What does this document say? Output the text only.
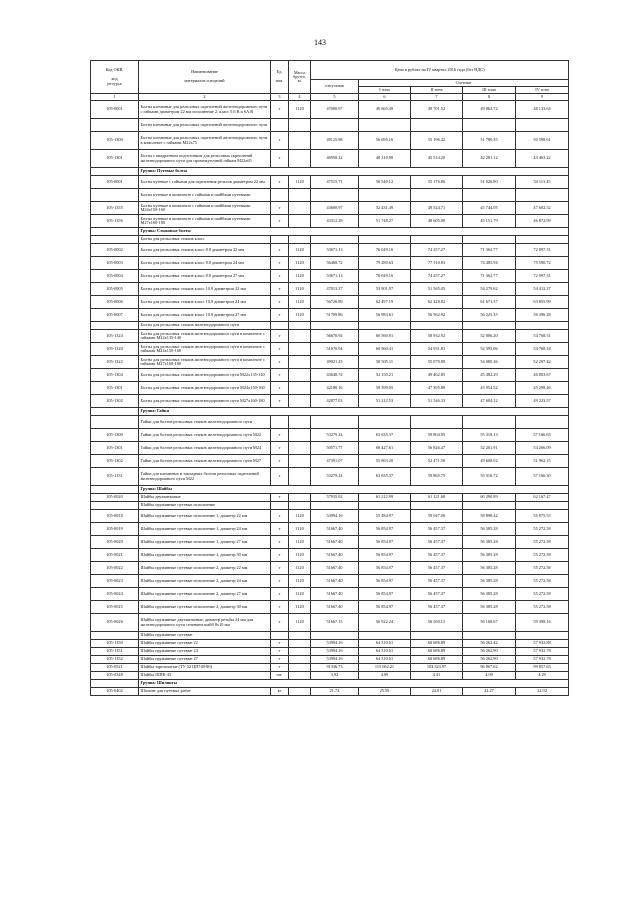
143
Код ОКВ,

код
ресурса	Наименование

материалов и изделий	Ед.

изм.	Масса
брутто,
кг	Цена в рублях на IV квартал 2016 года (без НДС)				
				отпускная	Счетные			
					I зона	II зона	III зона	IV зона
1	2	3	4	5	6	7	8	9
105-0001	Болты клеммные для рельсовых скреплений железнодорожного пути с гайками диаметром 22 мм исполнение 2, класс 5.6 В и 6А.В	т	1120	47000.97	49 665.49	49 701.52	49 862.72	48 133.64
	Болты клеммные для рельсовых скреплений железнодорожного пути							
105-1300	Болты клеммные для рельсовых скреплений железнодорожного пути в комплекте с гайками М22х75	т		49125.98	56 695.16	55 196.42	51 780.35	50 598.61
105-1301	Болты с квадратным подголовком для рельсовых скреплений железнодорожного пути для промежуточной гайкам М22х65	т		46950.32	48 310.98	45 514.20	42 281.12	43 463.22
	Группа: Путевые болты							
105-0001	Болты путевые с гайками для скрепления рельсов диаметром 22 мм	т	1120	47515.71	56 540.12	55 176.86	51 026.80	54 113.45
	Болты путевые в комплекте с гайками и шайбами путевыми							
105-1355	Болты путевые в комплекте с гайками и шайбами путевыми М24х150-160	т		43600.97	52 431.49	49 524.71	45 744.05	47 602.52
105-1356	Болты путевые в комплекте с гайками и шайбами путевыми М27х160-180	т		43312.28	51 748.27	48 605.00	45 151.79	46 872.99
	Группа: Стыковые болты							
	Болты для рельсовых стыков класс							
105-0002	Болты для рельсовых стыков класс 8.8 диаметром 22 мм	т	1120	53671.13	76 049.16	74 257.27	71 362.77	72 097.31
105-0003	Болты для рельсовых стыков класс 8.8 диаметром 24 мм	т	1120	56468.72	79 280.63	77 510.83	74 485.94	75 590.72
105-0004	Болты для рельсовых стыков класс 8.8 диаметром 27 мм	т	1120	53671.13	76 049.16	74 257.27	71 362.77	72 097.31
105-0005	Болты для рельсовых стыков класс 10.9 диаметром 22 мм	т	1120	47013.37	53 901.97	51 565.05	54 279.62	54 412.37
105-0006	Болты для рельсовых стыков класс 10.9 диаметром 24 мм	т	1120	56726.89	62 497.19	62 428.82	61 671.37	63 855.99
105-0007	Болты для рельсовых стыков класс 10.9 диаметром 27 мм	т	1120	51709.86	56 983.61	56 562.92	56 225.35	56 396.28
	Болты для рельсовых стыков железнодорожного пути							
105-1324	Болты для рельсовых стыков железнодорожного пути в комплекте с гайками М22х135-140	т		56670.94	60 560.91	58 932.92	52 806.20	54 768.51
105-1320	Болты для рельсовых стыков железнодорожного пути в комплекте с гайками М24х150-160	т		51670.94	60 560.41	54 931.83	52 395.06	54 768.18
105-1322	Болты для рельсовых стыков железнодорожного пути в комплекте с гайками М27х160-180	т		49021.25	58 505.11	55 079.88	54 080.26	52 297.42
105-1304	Болты для рельсовых стыков железнодорожного пути М22х135-140	т		43648.74	52 150.21	49 462.85	45 482.29	46 803.67
105-1301	Болты для рельсовых стыков железнодорожного пути М24х150-160	т		42180.16	50 399.05	47 395.88	43 954.52	45 298.46
105-1302	Болты для рельсовых стыков железнодорожного пути М27х160-180	т		42877.03	51 212.53	51 546.33	47 604.12	49 223.57
	Группа: Гайки							
	Гайки для болтов рельсовых стыков железнодорожного пути							
105-1300	Гайки для болтов рельсовых стыков железнодорожного пути М22	т		53279.24	63 635.37	59 804.05	55 318.13	57 166.65
105-1301	Гайки для болтов рельсовых стыков железнодорожного пути М24	т		50571.77	60 427.61	56 826.47	52 201.91	54 266.09
105-1302	Гайки для болтов рельсовых стыков железнодорожного пути М27	т		47391.07	55 863.20	52 471.50	49 608.02	51 962.15
105-1331	Гайки для клеммных и закладных болтов рельсовых скреплений железнодорожного пути М22	т		53279.24	63 635.37	59 865.75	55 316.72	57 166.30
	Группа: Шайбы							
105-0020	Шайбы двухвитковые	т		57935.02	61 212.99	61 121.68	60 290.89	62 167.47
	Шайбы пружинные путевые исполнение							
105-0018	Шайбы пружинные путевые исполнение 1, диаметр 22 мм	т	1120	53994.16	55 484.97	59 047.06	58 898.42	55 875.55
105-0019	Шайбы пружинные путевые исполнение 1, диаметр 24 мм	т	1120	51667.40	56 854.97	56 457.37	56 385.28	55 272.58
105-0020	Шайбы пружинные путевые исполнение 1, диаметр 27 мм	т	1120	51667.40	56 854.97	56 457.37	56 385.28	55 272.58
105-0021	Шайбы пружинные путевые исполнение 1, диаметр 30 мм	т	1120	51667.40	56 854.97	56 457.37	56 385.28	55 272.58
105-0022	Шайбы пружинные путевые исполнение 2, диаметр 22 мм	т	1120	51667.40	56 854.97	56 457.37	56 385.28	55 272.58
105-0023	Шайбы пружинные путевые исполнение 2, диаметр 24 мм	т	1120	51667.40	56 854.97	56 457.37	56 385.28	55 272.58
105-0024	Шайбы пружинные путевые исполнение 2, диаметр 27 мм	т	1120	51667.40	56 854.97	56 457.37	56 385.28	55 272.58
105-0025	Шайбы пружинные путевые исполнение 2, диаметр 30 мм	т	1120	51667.40	56 854.97	56 457.37	56 385.28	55 272.58
105-0026	Шайбы пружинные двухвитковые, диаметр резьбы 24 мм для железнодорожного пути сечением шайб 8х10 мм	т	1120	51667.15	56 922.24	56 560.15	56 168.67	59 398.16
	Шайбы пружинные путевые							
105-1350	Шайбы пружинные путевые 22	т		53994.16	64 510.61	60 686.89	56 262.42	57 932.88
105-1351	Шайбы пружинные путевые 24	т		53994.16	64 510.61	60 686.89	56 262.90	57 932.78
105-1352	Шайбы пружинные путевые 27	т		53994.16	64 510.61	60 686.89	56 262.90	57 932.78
105-0521	Шайбы тарельчатые (ТУ 32 ЦП749-86)	т		91336.73	115 062.21	103 323.97	96 867.62	99 857.63
105-0348	Шайбы ШПК-45	шт.		3.92	4.69	4.41	4.09	4.29
	Группа: Шплинты							
105-0402	Шплинт для путевых работ	кг		21.74	25.59	24.01	22.27	22.92
